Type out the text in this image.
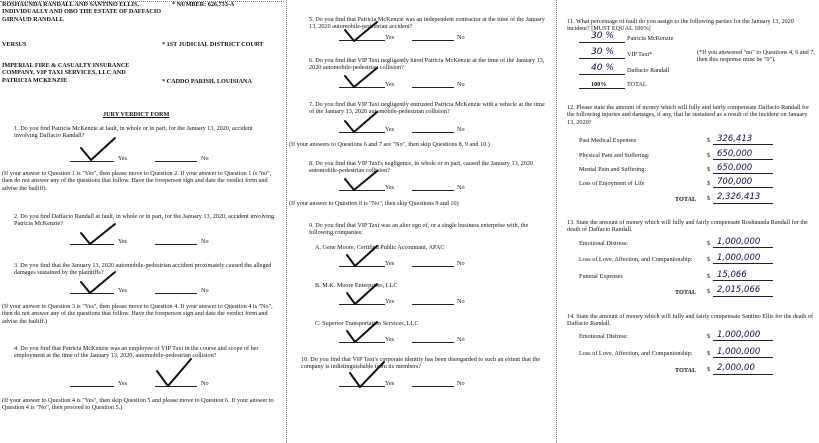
ROSHAUNDA RANDALL AND SANTINO ELLIS, INDIVIDUALLY AND OBO THE ESTATE OF DAFFACIO GIRNAUD RANDALL
* NUMBER: 626,733-A
VERSUS	* 1ST JUDICIAL DISTRICT COURT
IMPERIAL FIRE & CASUALTY INSURANCE COMPANY, VIP TAXI SERVICES, LLC AND PATRICIA MCKENZIE	* CADDO PARISH, LOUISIANA
JURY VERDICT FORM
1. Do you find Patricia McKenzie at fault, in whole or in part, for the January 13, 2020, accident involving Daffacio Randall?
Yes	No
(If your answer to Question 1 is "Yes", then please move to Question 2. If your answer to Question 1 is "no", then do not answer any of the questions that follow. Have the foreperson sign and date the verdict form and advise the bailiff).
2. Do you find Daffacio Randall at fault, in whole or in part, for the January 13, 2020, accident involving Patricia McKenzie?
Yes	No
3. Do you find that the January 13, 2020 automobile-pedestrian accident proximately caused the alleged damages sustained by the plaintiffs?
Yes	No
(If your answer to Question 3 is "Yes", then please move to Question 4. If your answer to Question 4 is "No", then do not answer any of the questions that follow. Have the foreperson sign and date the verdict form and advise the bailiff.)
4. Do you find that Patricia McKenzie was an employee of VIP Taxi in the course and scope of her employment at the time of the January 13, 2020, automobile-pedestrian collision?
Yes	No
(If your answer to Question 4 is "Yes", then skip Question 5 and please move to Question 6. If your answer to Question 4 is "No", then proceed to Question 5.)
5. Do you find that Patricia McKenzie was an independent contractor at the time of the January 13, 2020 automobile-pedestrian accident?
Yes	No
6. Do you find that VIP Taxi negligently hired Patricia McKenzie at the time of the January 13, 2020 automobile-pedestrian collision?
Yes	No
7. Do you find that VIP Taxi negligently entrusted Patricia McKenzie with a vehicle at the time of the January 13, 2020 automobile-pedestrian collision?
Yes	No
(If your answers to Questions 6 and 7 are "No", then skip Questions 8, 9 and 10.)
8. Do you find that VIP Taxi's negligence, in whole or in part, caused the January 13, 2020 automobile-pedestrian collision?
Yes	No
(If your answer to Question 8 is "No", then skip Questions 9 and 10)
9. Do you find that VIP Taxi was an alter ego of, or a single business enterprise with, the following companies:
A. Gene Moore, Certified Public Accountant, APAC
Yes	No
B. M.K. Moore Enterprises, LLC
Yes	No
C. Superior Transportation Services, LLC
Yes	No
10. Do you find that VIP Taxi's corporate identity has been disregarded to such an extent that the company is indistinguishable from its members?
Yes	No
11. What percentage of fault do you assign to the following parties for the January 13, 2020 incident? [MUST EQUAL 100%]
30 % Patricia McKenzie
30 % VIP Taxi*	(*If you answered "no" to Questions 4, 6 and 7, then this response must be "0").
40 % Daffacio Randall
100%	TOTAL
12. Please state the amount of money which will fully and fairly compensate Daffacio Randall for the following injuries and damages, if any, that he sustained as a result of the incident on January 13, 2020?
Past Medical Expenses	$ 326,413
Physical Pain and Suffering:	$ 650,000
Mental Pain and Suffering:	$ 650,000
Loss of Enjoyment of Life	$ 700,000
TOTAL $ 2,326,413
13. State the amount of money which will fully and fairly compensate Roshaunda Randall for the death of Daffacio Randall.
Emotional Distress:	$ 1,000,000
Loss of Love, Affection, and Companionship: $ 1,000,000
Funeral Expenses	$ 15,066
TOTAL $ 2,015,066
14. State the amount of money which will fully and fairly compensate Santino Ellis for the death of Daffacio Randall.
Emotional Distress:	$ 1,000,000
Loss of Love, Affection, and Companionship: $ 1,000,000
TOTAL $ 2,000,00
